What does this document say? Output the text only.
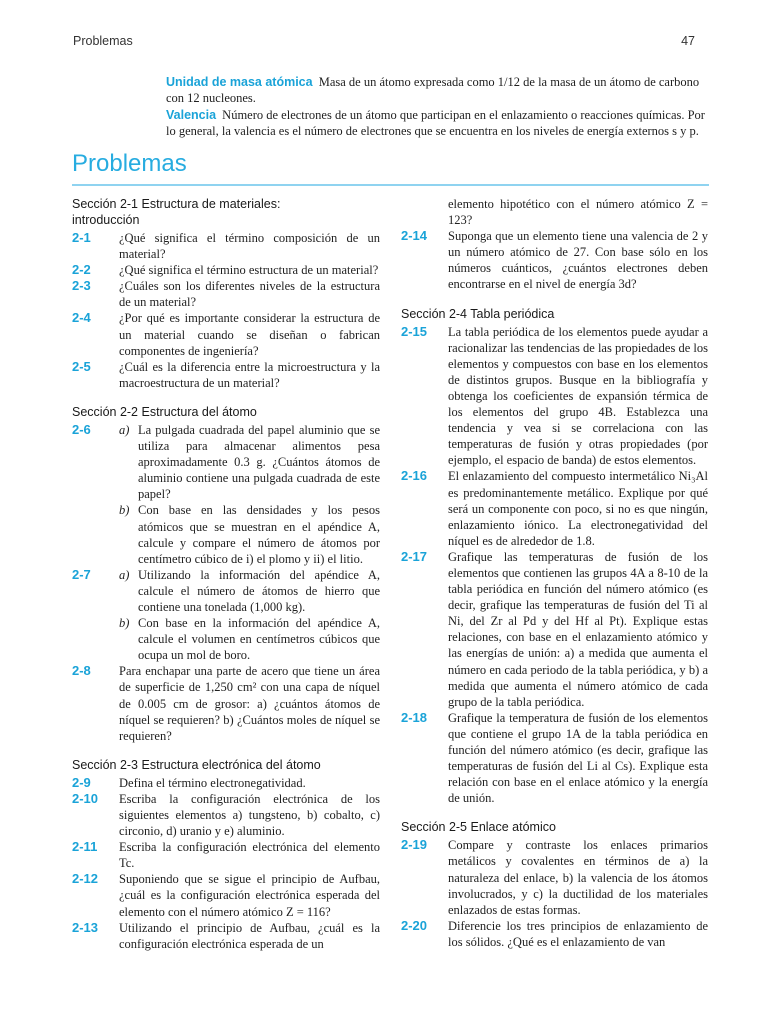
Problemas	47
Unidad de masa atómica Masa de un átomo expresada como 1/12 de la masa de un átomo de carbono con 12 nucleones.
Valencia Número de electrones de un átomo que participan en el enlazamiento o reacciones químicas. Por lo general, la valencia es el número de electrones que se encuentra en los niveles de energía externos s y p.
Problemas
Sección 2-1 Estructura de materiales:
introducción
2-1	¿Qué significa el término composición de un material?
2-2	¿Qué significa el término estructura de un material?
2-3	¿Cuáles son los diferentes niveles de la estructura de un material?
2-4	¿Por qué es importante considerar la estructura de un material cuando se diseñan o fabrican componentes de ingeniería?
2-5	¿Cuál es la diferencia entre la microestructura y la macroestructura de un material?
Sección 2-2 Estructura del átomo
2-6	a) La pulgada cuadrada del papel aluminio que se utiliza para almacenar alimentos pesa aproximadamente 0.3 g. ¿Cuántos átomos de aluminio contiene una pulgada cuadrada de este papel?
b) Con base en las densidades y los pesos atómicos que se muestran en el apéndice A, calcule y compare el número de átomos por centímetro cúbico de i) el plomo y ii) el litio.
2-7	a) Utilizando la información del apéndice A, calcule el número de átomos de hierro que contiene una tonelada (1,000 kg).
b) Con base en la información del apéndice A, calcule el volumen en centímetros cúbicos que ocupa un mol de boro.
2-8	Para enchapar una parte de acero que tiene un área de superficie de 1,250 cm² con una capa de níquel de 0.005 cm de grosor: a) ¿cuántos átomos de níquel se requieren? b) ¿Cuántos moles de níquel se requieren?
Sección 2-3 Estructura electrónica del átomo
2-9	Defina el término electronegatividad.
2-10	Escriba la configuración electrónica de los siguientes elementos a) tungsteno, b) cobalto, c) circonio, d) uranio y e) aluminio.
2-11	Escriba la configuración electrónica del elemento Tc.
2-12	Suponiendo que se sigue el principio de Aufbau, ¿cuál es la configuración electrónica esperada del elemento con el número atómico Z = 116?
2-13	Utilizando el principio de Aufbau, ¿cuál es la configuración electrónica esperada de un
elemento hipotético con el número atómico Z = 123?
2-14	Suponga que un elemento tiene una valencia de 2 y un número atómico de 27. Con base sólo en los números cuánticos, ¿cuántos electrones deben encontrarse en el nivel de energía 3d?
Sección 2-4 Tabla periódica
2-15	La tabla periódica de los elementos puede ayudar a racionalizar las tendencias de las propiedades de los elementos y compuestos con base en los elementos de distintos grupos. Busque en la bibliografía y obtenga los coeficientes de expansión térmica de los elementos del grupo 4B. Establezca una tendencia y vea si se correlaciona con las temperaturas de fusión y otras propiedades (por ejemplo, el espacio de banda) de estos elementos.
2-16	El enlazamiento del compuesto intermetálico Ni₃Al es predominantemente metálico. Explique por qué será un componente con poco, si no es que ningún, enlazamiento iónico. La electronegatividad del níquel es de alrededor de 1.8.
2-17	Grafique las temperaturas de fusión de los elementos que contienen las grupos 4A a 8-10 de la tabla periódica en función del número atómico (es decir, grafique las temperaturas de fusión del Ti al Ni, del Zr al Pd y del Hf al Pt). Explique estas relaciones, con base en el enlazamiento atómico y las energías de unión: a) a medida que aumenta el número en cada periodo de la tabla periódica, y b) a medida que aumenta el número atómico de cada grupo de la tabla periódica.
2-18	Grafique la temperatura de fusión de los elementos que contiene el grupo 1A de la tabla periódica en función del número atómico (es decir, grafique las temperaturas de fusión del Li al Cs). Explique esta relación con base en el enlace atómico y la energía de unión.
Sección 2-5 Enlace atómico
2-19	Compare y contraste los enlaces primarios metálicos y covalentes en términos de a) la naturaleza del enlace, b) la valencia de los átomos involucrados, y c) la ductilidad de los materiales enlazados de estas formas.
2-20	Diferencie los tres principios de enlazamiento de los sólidos. ¿Qué es el enlazamiento de van
